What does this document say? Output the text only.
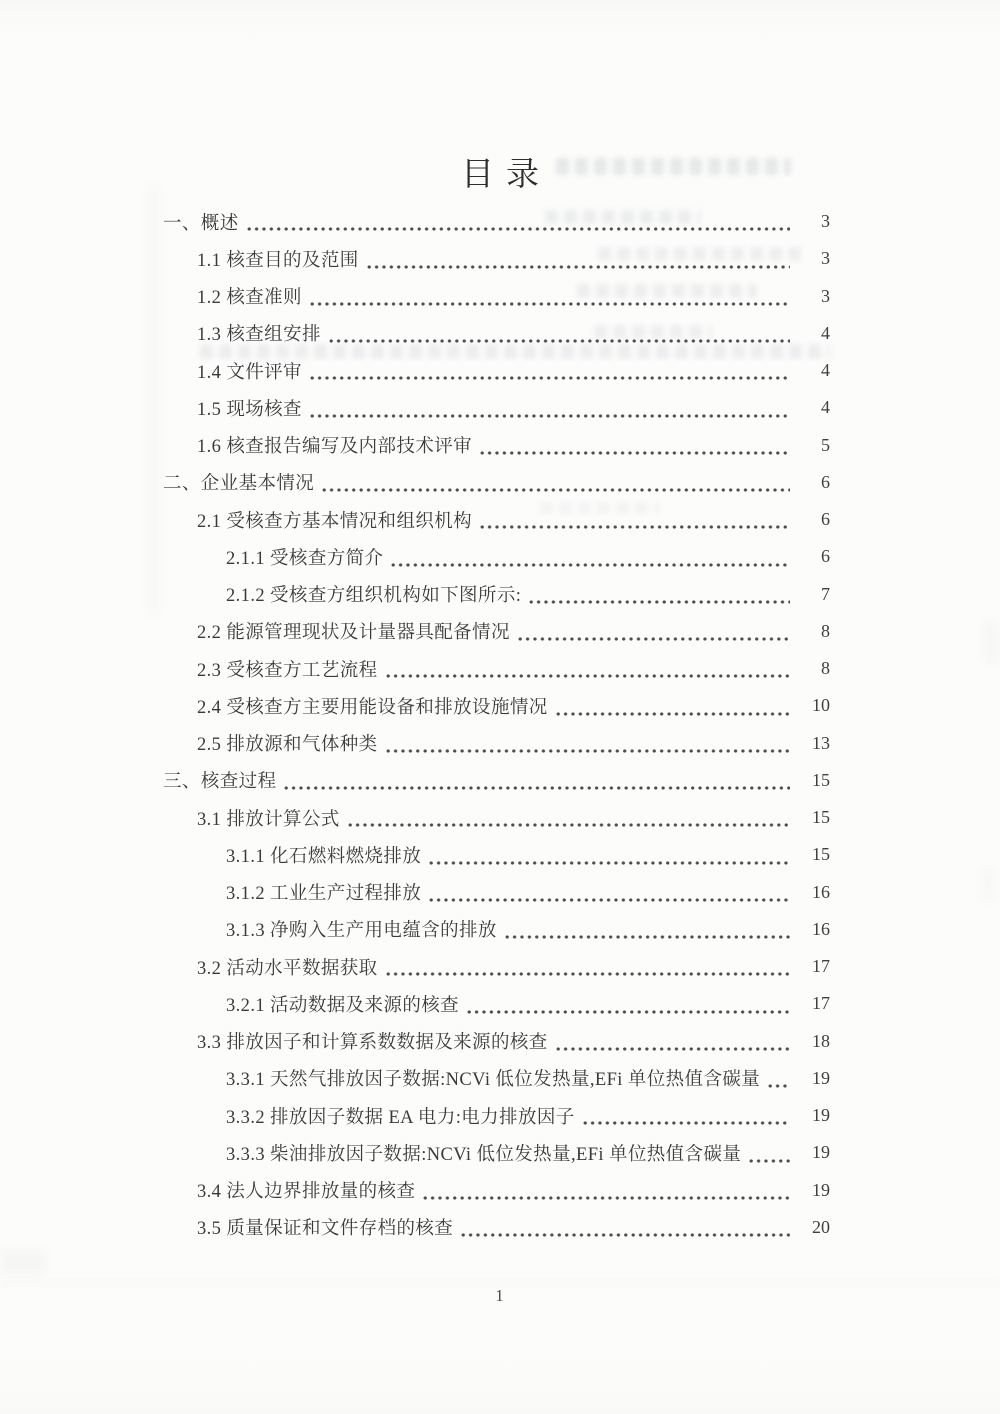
目录
一、概述	3
1.1 核查目的及范围	3
1.2 核查准则	3
1.3 核查组安排	4
1.4 文件评审	4
1.5 现场核查	4
1.6 核查报告编写及内部技术评审	5
二、企业基本情况	6
2.1 受核查方基本情况和组织机构	6
2.1.1 受核查方简介	6
2.1.2 受核查方组织机构如下图所示:	7
2.2 能源管理现状及计量器具配备情况	8
2.3 受核查方工艺流程	8
2.4 受核查方主要用能设备和排放设施情况	10
2.5 排放源和气体种类	13
三、核查过程	15
3.1 排放计算公式	15
3.1.1 化石燃料燃烧排放	15
3.1.2 工业生产过程排放	16
3.1.3 净购入生产用电蕴含的排放	16
3.2 活动水平数据获取	17
3.2.1 活动数据及来源的核查	17
3.3 排放因子和计算系数数据及来源的核查	18
3.3.1 天然气排放因子数据:NCVi 低位发热量,EFi 单位热值含碳量	19
3.3.2 排放因子数据 EA 电力:电力排放因子	19
3.3.3 柴油排放因子数据:NCVi 低位发热量,EFi 单位热值含碳量	19
3.4 法人边界排放量的核查	19
3.5 质量保证和文件存档的核查	20
1
